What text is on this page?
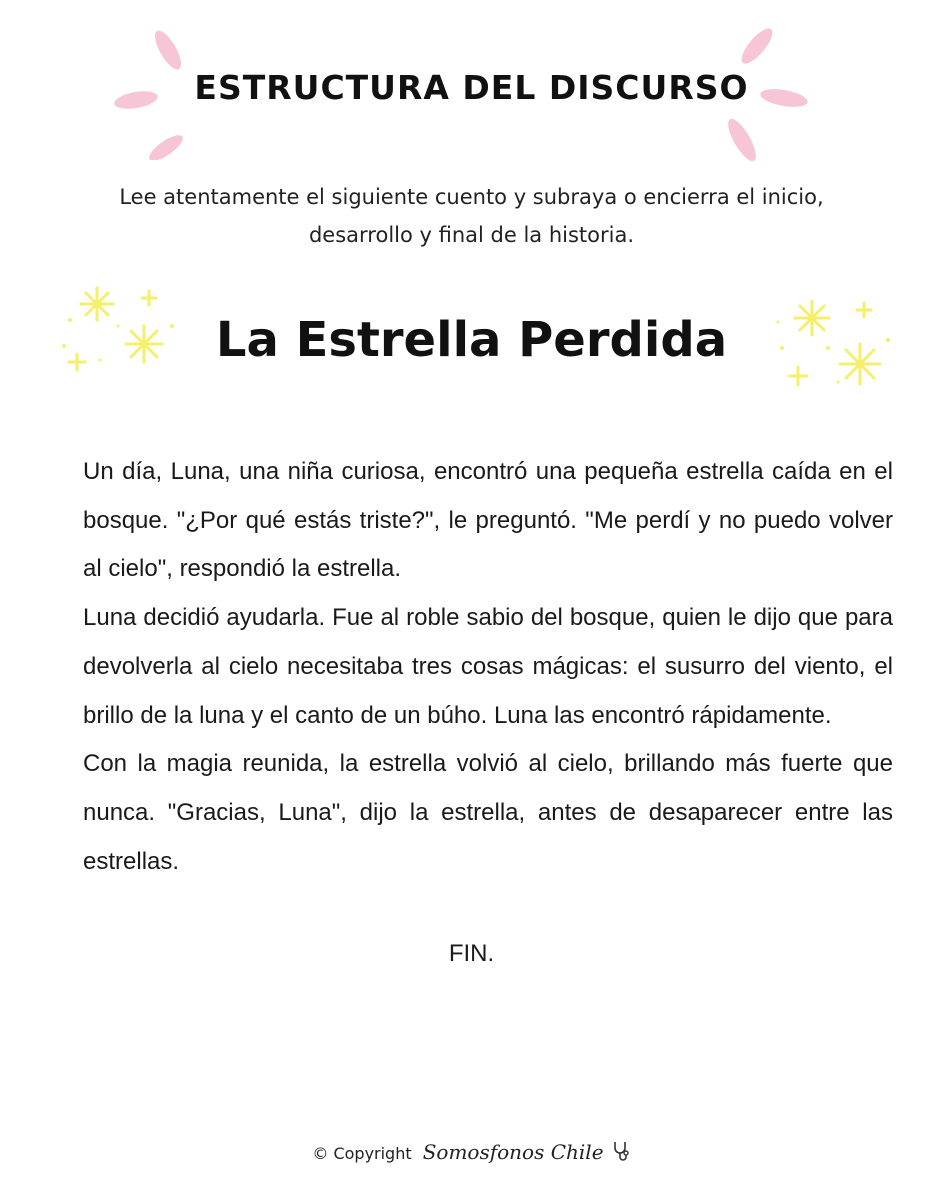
ESTRUCTURA DEL DISCURSO
Lee atentamente el siguiente cuento y subraya o encierra el inicio,
desarrollo y final de la historia.
La Estrella Perdida

Un día, Luna, una niña curiosa, encontró una pequeña estrella caída en el bosque. "¿Por qué estás triste?", le preguntó. "Me perdí y no puedo volver al cielo", respondió la estrella.

Luna decidió ayudarla. Fue al roble sabio del bosque, quien le dijo que para devolverla al cielo necesitaba tres cosas mágicas: el susurro del viento, el brillo de la luna y el canto de un búho. Luna las encontró rápidamente.

Con la magia reunida, la estrella volvió al cielo, brillando más fuerte que nunca. "Gracias, Luna", dijo la estrella, antes de desaparecer entre las estrellas.

FIN.
© Copyright Somosfonos Chile
